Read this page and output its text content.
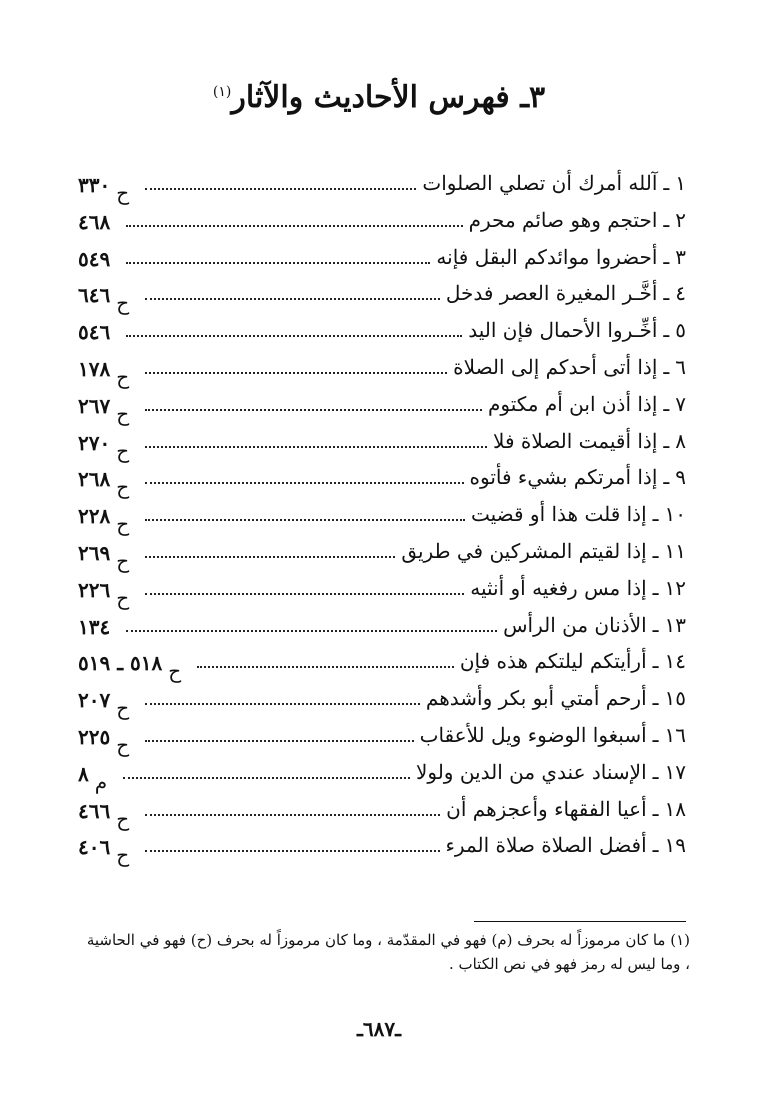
٣ـ فهرس الأحاديث والآثار$^{(١)}$
١
ـ
آلله أمرك أن تصلي الصلوات
ح
٣٣٠
٢
ـ
احتجم وهو صائم محرم
٤٦٨
٣
ـ
أحضروا موائدكم البقل فإنه
٥٤٩
٤
ـ
أخَّـر المغيرة العصر فدخل
ح
٦٤٦
٥
ـ
أخِّـروا الأحمال فإن اليد
٥٤٦
٦
ـ
إذا أتى أحدكم إلى الصلاة
ح
١٧٨
٧
ـ
إذا أذن ابن أم مكتوم
ح
٢٦٧
٨
ـ
إذا أقيمت الصلاة فلا
ح
٢٧٠
٩
ـ
إذا أمرتكم بشيء فأتوه
ح
٢٦٨
١٠
ـ
إذا قلت هذا أو قضيت
ح
٢٢٨
١١
ـ
إذا لقيتم المشركين في طريق
ح
٢٦٩
١٢
ـ
إذا مس رفغيه أو أنثيه
ح
٢٢٦
١٣
ـ
الأذنان من الرأس
١٣٤
١٤
ـ
أرأيتكم ليلتكم هذه فإن
ح
٥١٨ ـ ٥١٩
١٥
ـ
أرحم أمتي أبو بكر وأشدهم
ح
٢٠٧
١٦
ـ
أسبغوا الوضوء ويل للأعقاب
ح
٢٢٥
١٧
ـ
الإسناد عندي من الدين ولولا
م
٨
١٨
ـ
أعيا الفقهاء وأعجزهم أن
ح
٤٦٦
١٩
ـ
أفضل الصلاة صلاة المرء
ح
٤٠٦
(١) ما كان مرموزاً له بحرف (م) فهو في المقدّمة ، وما كان مرموزاً له بحرف (ح) فهو في الحاشية ، وما ليس له رمز فهو في نص الكتاب .
ـ٦٨٧ـ
